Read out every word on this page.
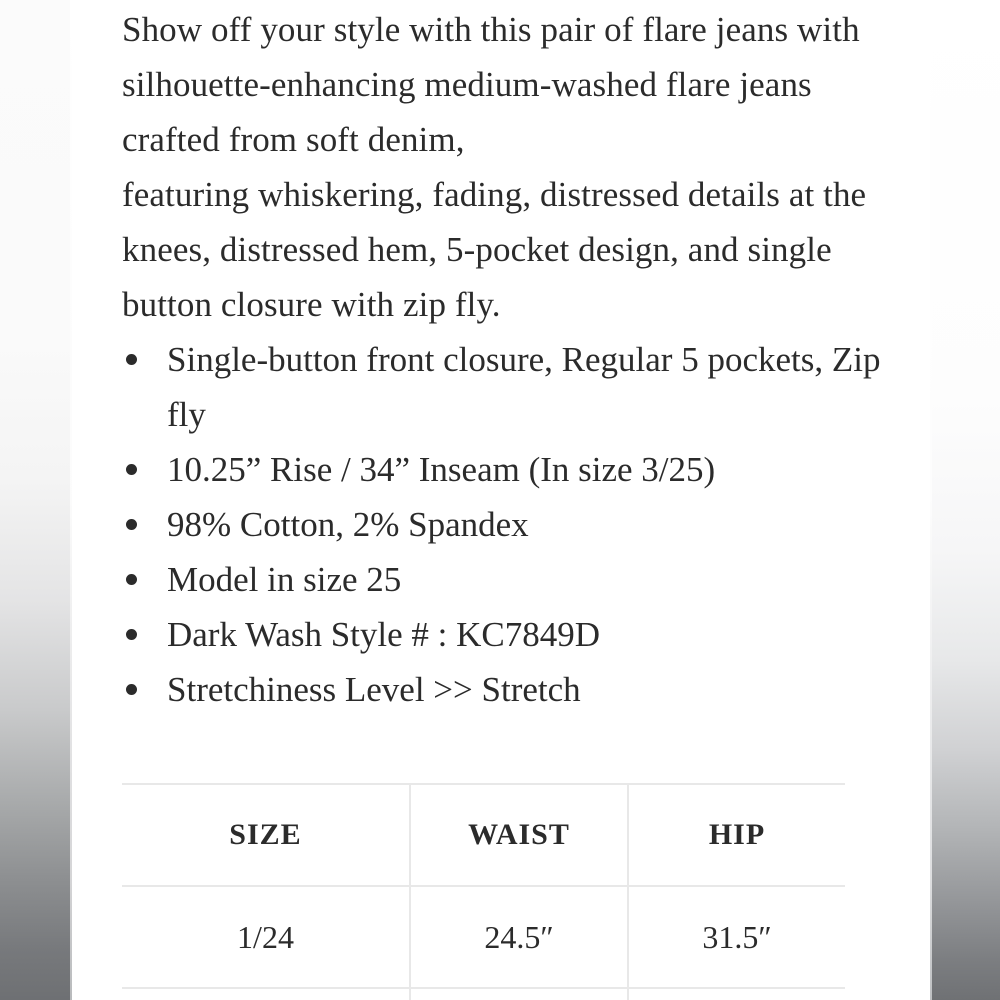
Show off your style with this pair of flare jeans with silhouette-enhancing medium-washed flare jeans crafted from soft denim,

featuring whiskering, fading, distressed details at the knees, distressed hem, 5-pocket design, and single button closure with zip fly.

Single-button front closure, Regular 5 pockets, Zip fly
10.25” Rise / 34” Inseam (In size 3/25)
98% Cotton, 2% Spandex
Model in size 25
Dark Wash Style # : KC7849D
Stretchiness Level >> Stretch
SIZE	WAIST	HIP
1/24	24.5″	31.5″
